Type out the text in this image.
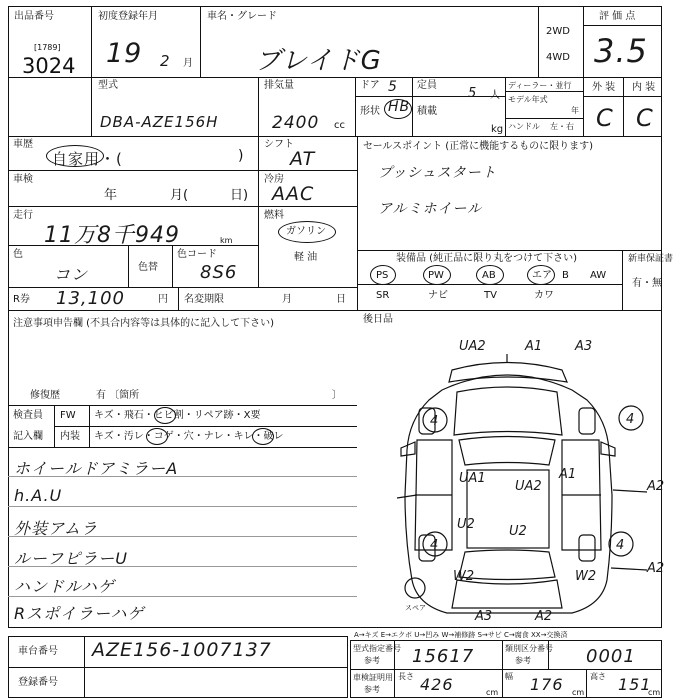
出品番号
[1789]
3024
初度登録年月
19 2 月
車名・グレード
ブレイドG
2WD
4WD
評 価 点
3.5
型式
DBA-AZE156H
排気量
2400 cc
ドア 5 定員
5 人
形状 HB 積載
kg
ディーラー・並行
モデル年式
年
ハンドル 左・右
外 装 内 装
C C
車歴
自家用・(	)
シフト
AT
車検
年	月(	日)
冷房
AAC
走行
11万8千949	km
燃料
ガソリン
軽 油
色
コン	色替
色コード
8S6
R券 13,100	円 名変期限	月	日
注意事項申告欄 (不具合内容等は具体的に記入して下さい)
修復歴	有 〔箇所	〕
検査員
記入欄
FW キズ・飛石・ヒビ割・リペア跡・X要
内装 キズ・汚レ・コゲ・穴・ナレ・キレ・破レ
ホイールドアミラーA
h.A.U
外装アムラ
ルーフピラーU
ハンドルハゲ
Rスポイラーハゲ
セールスポイント (正常に機能するものに限ります)
プッシュスタート
アルミホイール
装備品 (純正品に限り丸をつけて下さい)
PS	PW	AB	エア B AW
SR	ナビ	TV	カワ
新車保証書
有・無
後日品
UA2	A1	A3
UA1
UA2
A1
A2
U2	U2
A3	A2
W2	W2
A2
4	4
4	4
スペア
A→キズ E→エクボ U→凹み W→補修跡 S→サビ C→腐食 XX→交換済
車台番号 AZE156-1007137
登録番号
型式指定番号
参考 15617	類別区分番号
参考	0001
車検証明用
参考
長さ 426	cm
幅 176 cm
高さ 151
cm
